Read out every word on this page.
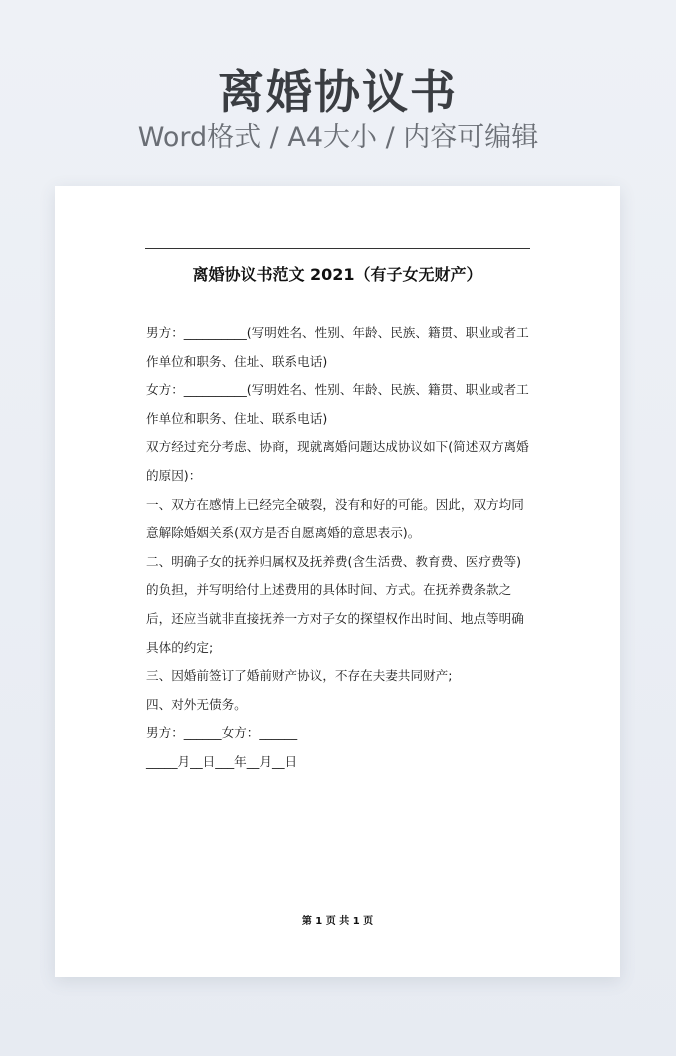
离婚协议书
Word格式 / A4大小 / 内容可编辑
离婚协议书范文 2021（有子女无财产）

男方：__________(写明姓名、性别、年龄、民族、籍贯、职业或者工作单位和职务、住址、联系电话)

女方：__________(写明姓名、性别、年龄、民族、籍贯、职业或者工作单位和职务、住址、联系电话)

双方经过充分考虑、协商，现就离婚问题达成协议如下(简述双方离婚的原因)：

一、双方在感情上已经完全破裂，没有和好的可能。因此，双方均同意解除婚姻关系(双方是否自愿离婚的意思表示)。

二、明确子女的抚养归属权及抚养费(含生活费、教育费、医疗费等)的负担，并写明给付上述费用的具体时间、方式。在抚养费条款之后，还应当就非直接抚养一方对子女的探望权作出时间、地点等明确具体的约定;

三、因婚前签订了婚前财产协议，不存在夫妻共同财产;

四、对外无债务。

男方：______女方：______

_____月__日___年__月__日

第 1 页 共 1 页
